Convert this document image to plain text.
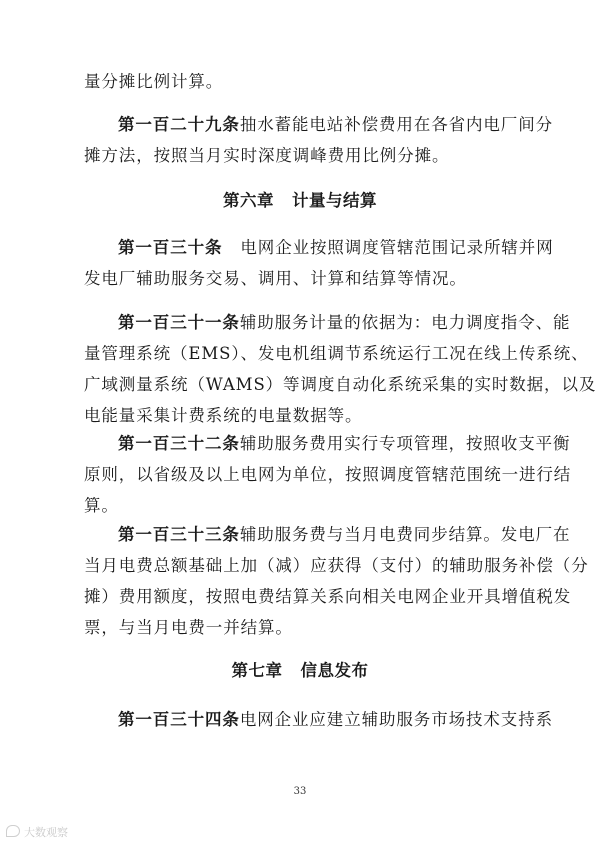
量分摊比例计算。
第一百二十九条抽水蓄能电站补偿费用在各省内电厂间分
摊方法，按照当月实时深度调峰费用比例分摊。
第六章 计量与结算
第一百三十条 电网企业按照调度管辖范围记录所辖并网
发电厂辅助服务交易、调用、计算和结算等情况。
第一百三十一条辅助服务计量的依据为：电力调度指令、能
量管理系统（EMS）、发电机组调节系统运行工况在线上传系统、
广域测量系统（WAMS）等调度自动化系统采集的实时数据，以及
电能量采集计费系统的电量数据等。
第一百三十二条辅助服务费用实行专项管理，按照收支平衡
原则，以省级及以上电网为单位，按照调度管辖范围统一进行结
算。
第一百三十三条辅助服务费与当月电费同步结算。发电厂在
当月电费总额基础上加（减）应获得（支付）的辅助服务补偿（分
摊）费用额度，按照电费结算关系向相关电网企业开具增值税发
票，与当月电费一并结算。
第七章 信息发布
第一百三十四条电网企业应建立辅助服务市场技术支持系
33
大数观察
